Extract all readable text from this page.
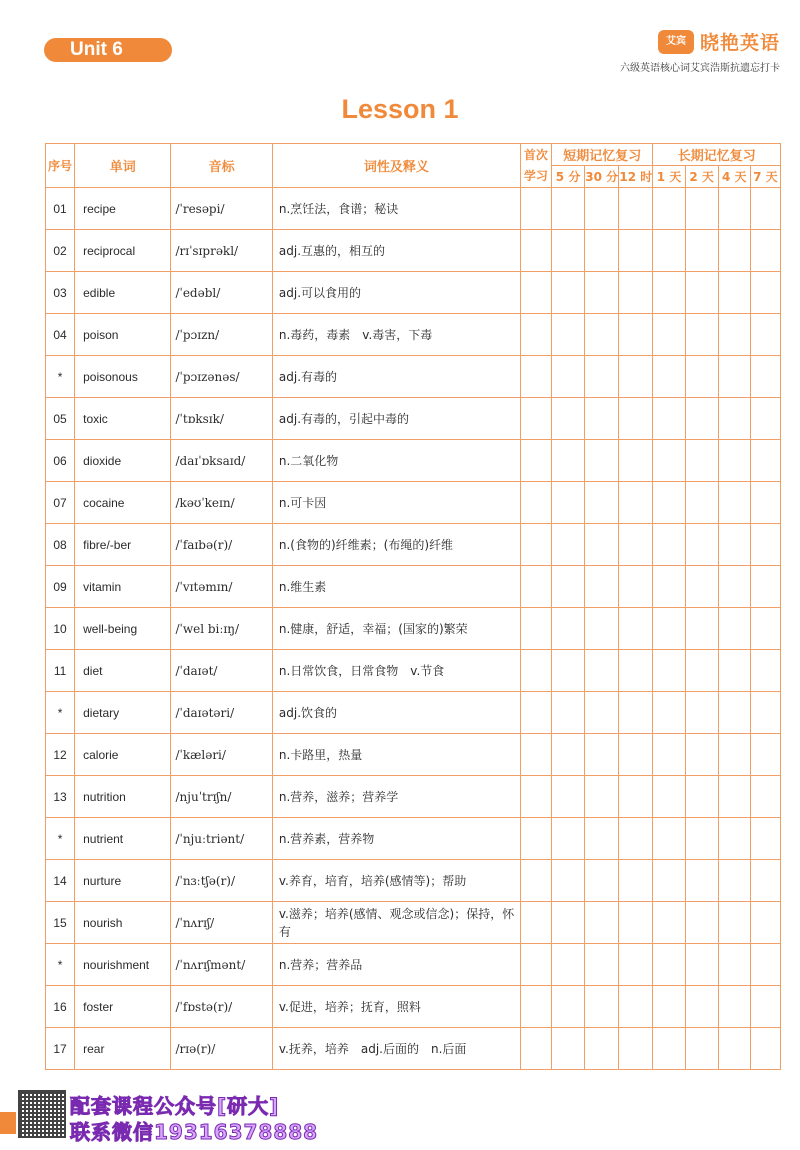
Unit 6	艾宾 晓艳英语
六级英语核心词艾宾浩斯抗遗忘打卡
Lesson 1
序号	单词	音标	词性及释义	首次学习	短期记忆复习			长期记忆复习			
					5 分	30 分	12 时	1 天	2 天	4 天	7 天
01	recipe	/ˈresəpi/	n.烹饪法，食谱；秘诀								
02	reciprocal	/rɪˈsɪprəkl/	adj.互惠的，相互的								
03	edible	/ˈedəbl/	adj.可以食用的								
04	poison	/ˈpɔɪzn/	n.毒药，毒素　v.毒害，下毒								
*	poisonous	/ˈpɔɪzənəs/	adj.有毒的								
05	toxic	/ˈtɒksɪk/	adj.有毒的，引起中毒的								
06	dioxide	/daɪˈɒksaɪd/	n.二氧化物								
07	cocaine	/kəʊˈkeɪn/	n.可卡因								
08	fibre/-ber	/ˈfaɪbə(r)/	n.(食物的)纤维素；(布绳的)纤维								
09	vitamin	/ˈvɪtəmɪn/	n.维生素								
10	well-being	/ˈwel biːɪŋ/	n.健康，舒适，幸福；(国家的)繁荣								
11	diet	/ˈdaɪət/	n.日常饮食，日常食物　v.节食								
*	dietary	/ˈdaɪətəri/	adj.饮食的								
12	calorie	/ˈkæləri/	n.卡路里，热量								
13	nutrition	/njuˈtrɪʃn/	n.营养，滋养；营养学								
*	nutrient	/ˈnjuːtriənt/	n.营养素，营养物								
14	nurture	/ˈnɜːtʃə(r)/	v.养育，培育，培养(感情等)；帮助								
15	nourish	/ˈnʌrɪʃ/	v.滋养；培养(感情、观念或信念)；保持，怀有								
*	nourishment	/ˈnʌrɪʃmənt/	n.营养；营养品								
16	foster	/ˈfɒstə(r)/	v.促进，培养；抚育，照料								
17	rear	/rɪə(r)/	v.抚养，培养　adj.后面的　n.后面								
配套课程公众号[研大]
联系微信19316378888
